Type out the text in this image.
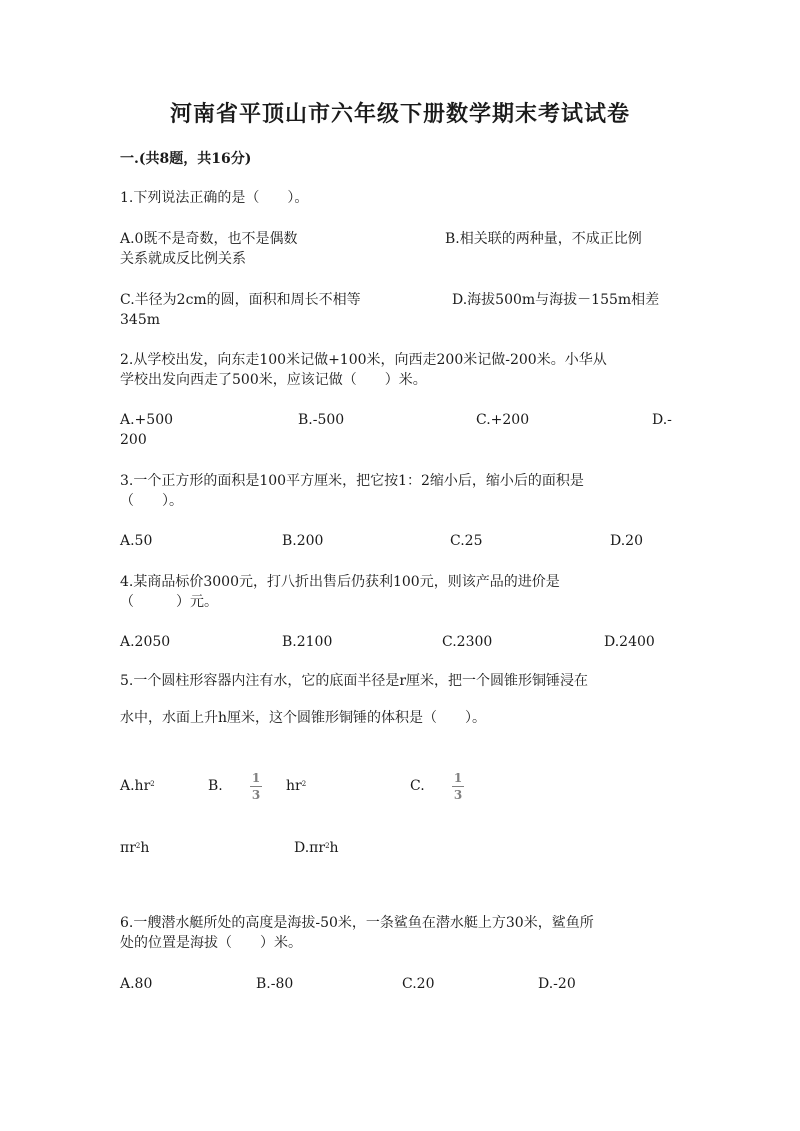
河南省平顶山市六年级下册数学期末考试试卷
一.(共8题，共16分)
1.下列说法正确的是（　　）。
A.0既不是奇数，也不是偶数	B.相关联的两种量，不成正比例
关系就成反比例关系
C.半径为2cm的圆，面积和周长不相等	D.海拔500m与海拔－155m相差
345m
2.从学校出发，向东走100米记做+100米，向西走200米记做-200米。小华从
学校出发向西走了500米，应该记做（　　）米。
A.+500	B.-500	C.+200	D.-
200
3.一个正方形的面积是100平方厘米，把它按1：2缩小后，缩小后的面积是
（　　）。
A.50	B.200	C.25	D.20
4.某商品标价3000元，打八折出售后仍获利100元，则该产品的进价是
（　　　）元。
A.2050	B.2100	C.2300	D.2400
5.一个圆柱形容器内注有水，它的底面半径是r厘米，把一个圆锥形铜锤浸在
水中，水面上升h厘米，这个圆锥形铜锤的体积是（　　）。
$A.hr^2$	B. 1
3
$hr^2$	C. 1
3
$\pi r^2h$	$D.\pi r^2h$
6.一艘潜水艇所处的高度是海拔-50米，一条鲨鱼在潜水艇上方30米，鲨鱼所
处的位置是海拔（　　）米。
A.80	B.-80	C.20	D.-20
